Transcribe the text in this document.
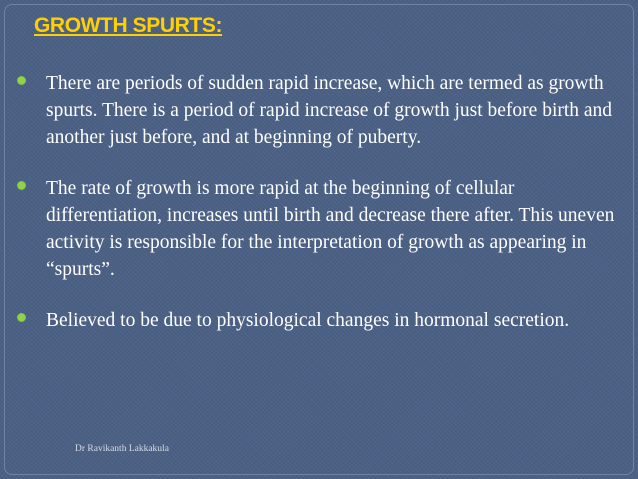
GROWTH SPURTS:
There are periods of sudden rapid increase, which are termed as growth spurts. There is a period of rapid increase of growth just before birth and another just before, and at beginning of puberty.
The rate of growth is more rapid at the beginning of cellular differentiation, increases until birth and decrease there after. This uneven activity is responsible for the interpretation of growth as appearing in “spurts”.
Believed to be due to physiological changes in hormonal secretion.
Dr Ravikanth Lakkakula
